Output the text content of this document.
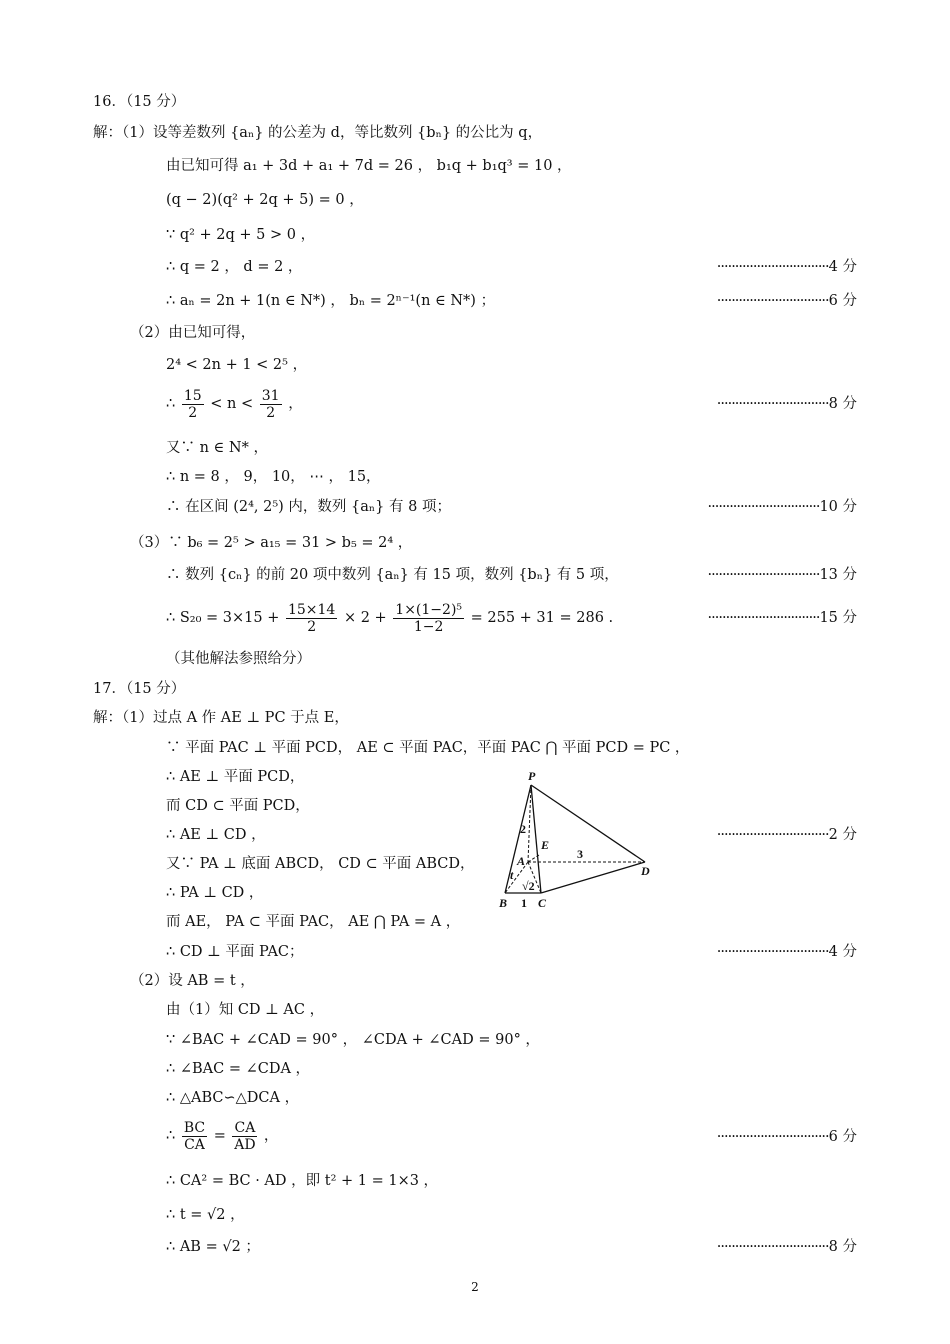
16．（15 分）
解：（1）设等差数列 {aₙ} 的公差为 d，等比数列 {bₙ} 的公比为 q，
由已知可得 a₁ + 3d + a₁ + 7d = 26 ， b₁q + b₁q³ = 10 ，
(q − 2)(q² + 2q + 5) = 0 ，
∵ q² + 2q + 5 > 0 ，
∴ q = 2 ， d = 2 ，	·······························4 分
∴ aₙ = 2n + 1(n ∈ N*) ， bₙ = 2ⁿ⁻¹(n ∈ N*) ；	·······························6 分
（2）由已知可得，
2⁴ < 2n + 1 < 2⁵ ，
∴ $\frac{15}{2} < n < \frac{31}{2}$ ，	·······························8 分
又∵ n ∈ N* ，
∴ n = 8 ， 9， 10， ⋯ ， 15，
∴ 在区间 (2⁴, 2⁵) 内，数列 {aₙ} 有 8 项；	·······························10 分
（3）∵ b₆ = 2⁵ > a₁₅ = 31 > b₅ = 2⁴ ，
∴ 数列 {cₙ} 的前 20 项中数列 {aₙ} 有 15 项，数列 {bₙ} 有 5 项，	·······························13 分
∴ $S_{20} = 3\times 15 + \frac{15\times 14}{2} \times 2 + \frac{\text{1×(1−2)⁵}}{1-2} = 255 + 31 = 286$ .	·······························15 分
（其他解法参照给分）
17．（15 分）
解：（1）过点 A 作 AE ⊥ PC 于点 E，
∵ 平面 PAC ⊥ 平面 PCD， AE ⊂ 平面 PAC，平面 PAC ⋂ 平面 PCD = PC ，
∴ AE ⊥ 平面 PCD，
而 CD ⊂ 平面 PCD，
∴ AE ⊥ CD ，	·······························2 分
又∵ PA ⊥ 底面 ABCD， CD ⊂ 平面 ABCD，
∴ PA ⊥ CD ，
而 AE， PA ⊂ 平面 PAC， AE ⋂ PA = A ，
∴ CD ⊥ 平面 PAC；	·······························4 分
（2）设 AB = t ，
由（1）知 CD ⊥ AC ，
∵ ∠BAC + ∠CAD = 90° ， ∠CDA + ∠CAD = 90° ，
∴ ∠BAC = ∠CDA ，
∴ △ABC∽△DCA ，
∴ $\frac{BC}{CA} = \frac{CA}{AD}$ ，	·······························6 分
∴ CA² = BC · AD ，即 t² + 1 = 1×3 ，
∴ t = √2 ，
∴ AB = √2 ；	·······························8 分
P
A
B	C
D
E
t
2
3
1
√2
2
